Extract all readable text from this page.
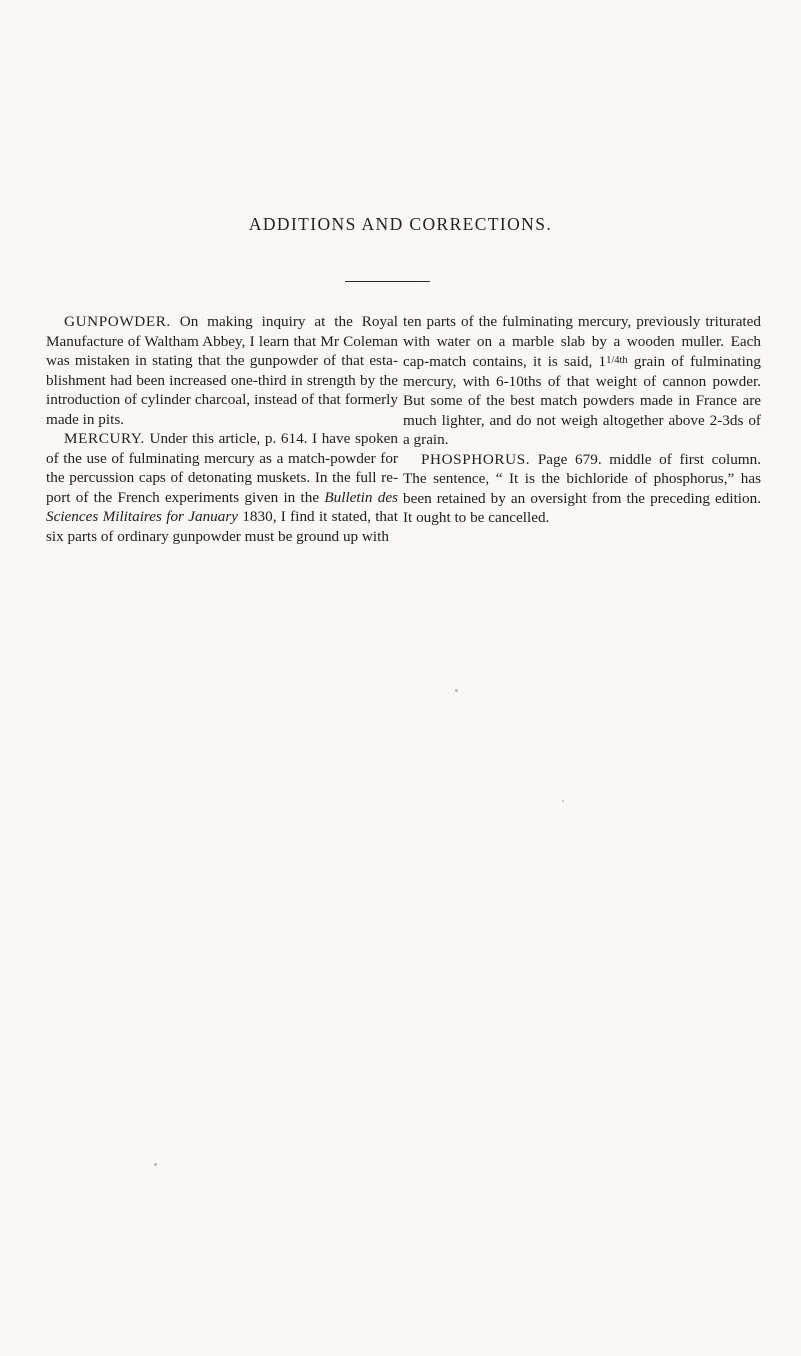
ADDITIONS AND CORRECTIONS.

GUNPOWDER. On making inquiry at the Royal Manufacture of Waltham Abbey, I learn that Mr Coleman was mistaken in stating that the gunpowder of that establishment had been increased one-third in strength by the introduction of cylinder charcoal, instead of that formerly made in pits.

MERCURY. Under this article, p. 614. I have spoken of the use of fulminating mercury as a match-powder for the percussion caps of detonating muskets. In the full report of the French experiments given in the Bulletin des Sciences Militaires for January 1830, I find it stated, that six parts of ordinary gunpowder must be ground up with

ten parts of the fulminating mercury, previously triturated with water on a marble slab by a wooden muller. Each cap-match contains, it is said, $1^{1/4th}$ grain of fulminating mercury, with 6-10ths of that weight of cannon powder. But some of the best match powders made in France are much lighter, and do not weigh altogether above 2-3ds of a grain.

PHOSPHORUS. Page 679. middle of first column. The sentence, “ It is the bichloride of phosphorus,” has been retained by an oversight from the preceding edition. It ought to be cancelled.
